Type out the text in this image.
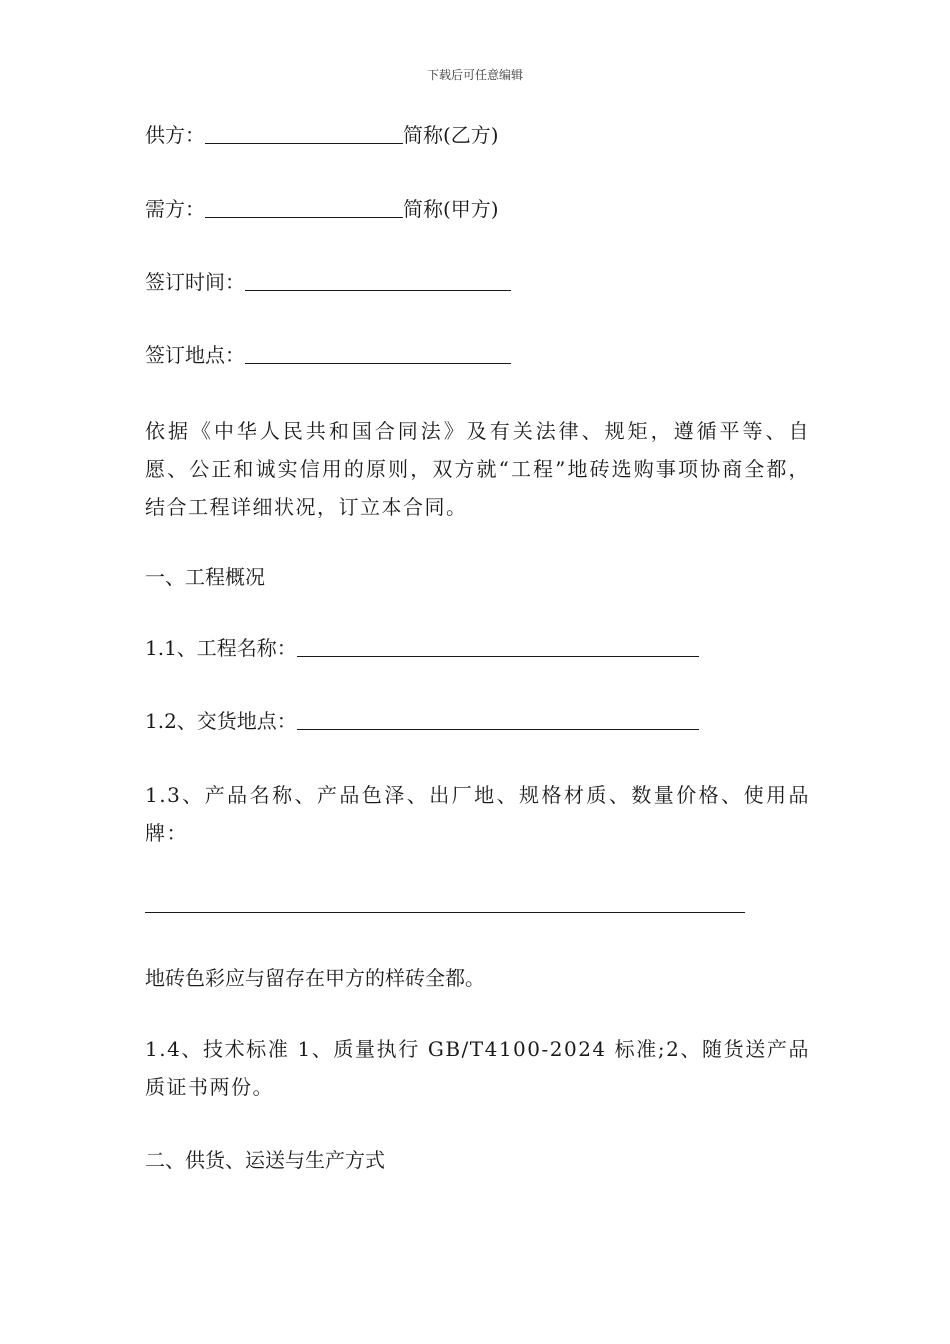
下载后可任意编辑
供方：	简称(乙方)
需方：	简称(甲方)
签订时间：
签订地点：
依据《中华人民共和国合同法》及有关法律、规矩，遵循平等、自愿、公正和诚实信用的原则，双方就“工程”地砖选购事项协商全都，结合工程详细状况，订立本合同。
一、工程概况
1.1、工程名称：
1.2、交货地点：
1.3、产品名称、产品色泽、出厂地、规格材质、数量价格、使用品牌：
地砖色彩应与留存在甲方的样砖全都。
1.4、技术标准 1、质量执行 GB/T4100-2024 标准;2、随货送产品质证书两份。
二、供货、运送与生产方式
